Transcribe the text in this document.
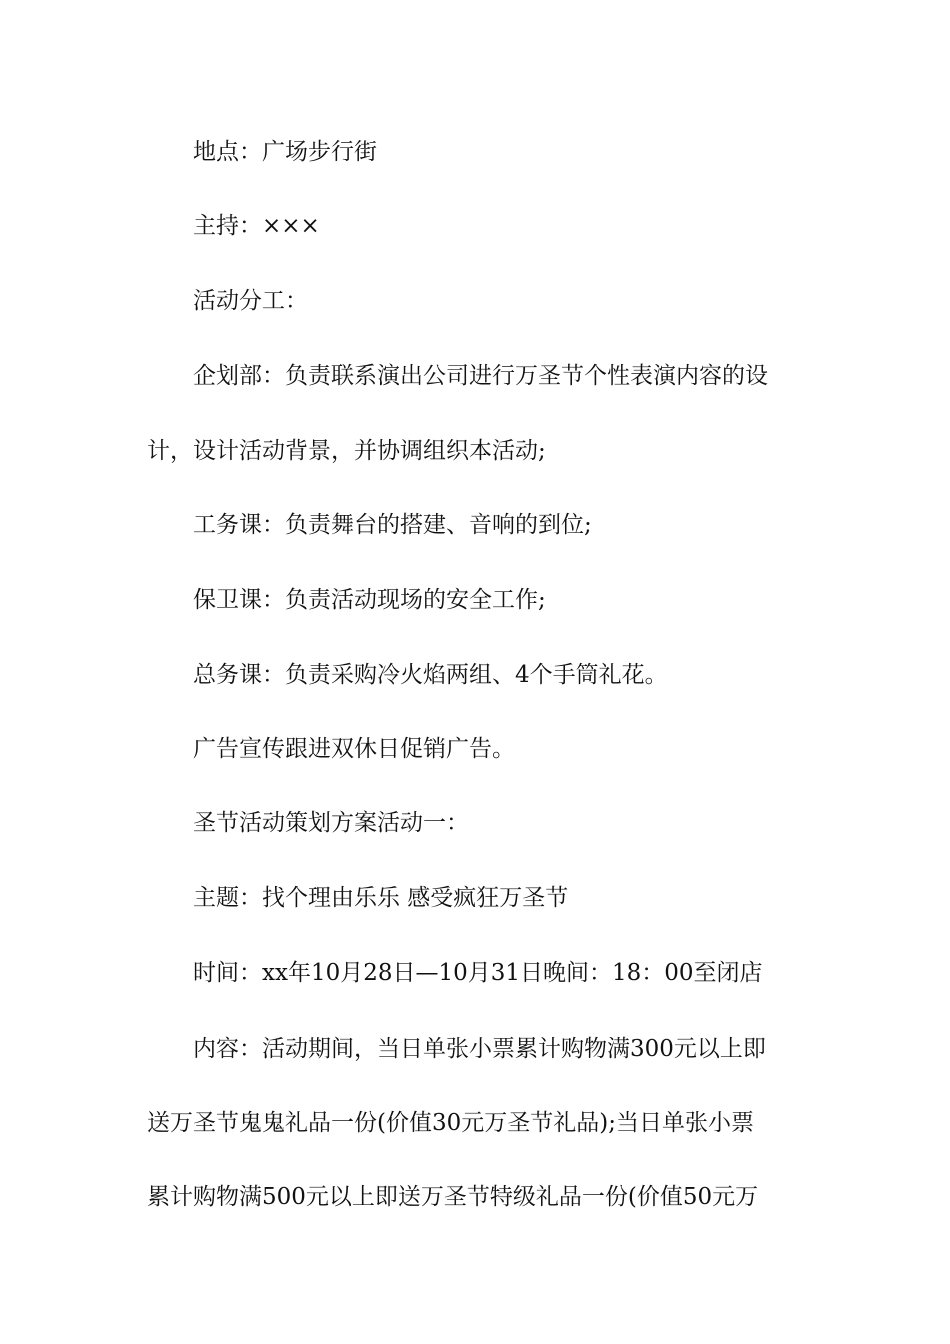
地点：广场步行街
主持：×××
活动分工：
企划部：负责联系演出公司进行万圣节个性表演内容的设
计，设计活动背景，并协调组织本活动;
工务课：负责舞台的搭建、音响的到位;
保卫课：负责活动现场的安全工作;
总务课：负责采购冷火焰两组、4个手筒礼花。
广告宣传跟进双休日促销广告。
圣节活动策划方案活动一：
主题：找个理由乐乐 感受疯狂万圣节
时间：xx年10月28日—10月31日晚间：18：00至闭店
内容：活动期间，当日单张小票累计购物满300元以上即
送万圣节鬼鬼礼品一份(价值30元万圣节礼品);当日单张小票
累计购物满500元以上即送万圣节特级礼品一份(价值50元万
